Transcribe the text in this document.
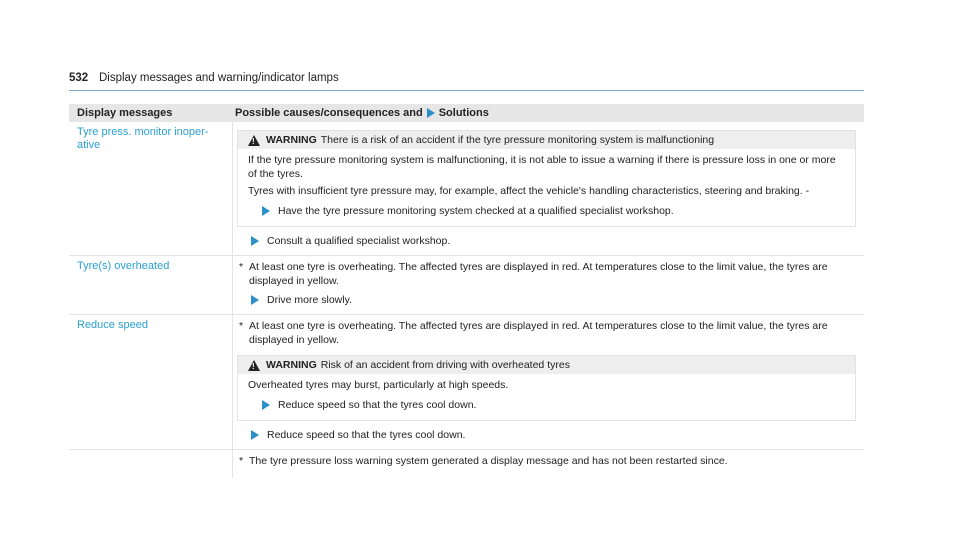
532 Display messages and warning/indicator lamps
Display messages	Possible causes/consequences and Solutions
Tyre press. monitor inoper-ative	! WARNING There is a risk of an accident if the tyre pressure monitoring system is malfunctioning

If the tyre pressure monitoring system is malfunctioning, it is not able to issue a warning if there is pressure loss in one or more of the tyres.

Tyres with insufficient tyre pressure may, for example, affect the vehicle's handling characteristics, steering and braking. -

Have the tyre pressure monitoring system checked at a qualified specialist workshop.
Consult a qualified specialist workshop.
Tyre(s) overheated	* At least one tyre is overheating. The affected tyres are displayed in red. At temperatures close to the limit value, the tyres are displayed in yellow.
Drive more slowly.
Reduce speed	* At least one tyre is overheating. The affected tyres are displayed in red. At temperatures close to the limit value, the tyres are displayed in yellow.
! WARNING Risk of an accident from driving with overheated tyres

Overheated tyres may burst, particularly at high speeds.

Reduce speed so that the tyres cool down.
Reduce speed so that the tyres cool down.
* The tyre pressure loss warning system generated a display message and has not been restarted since.
